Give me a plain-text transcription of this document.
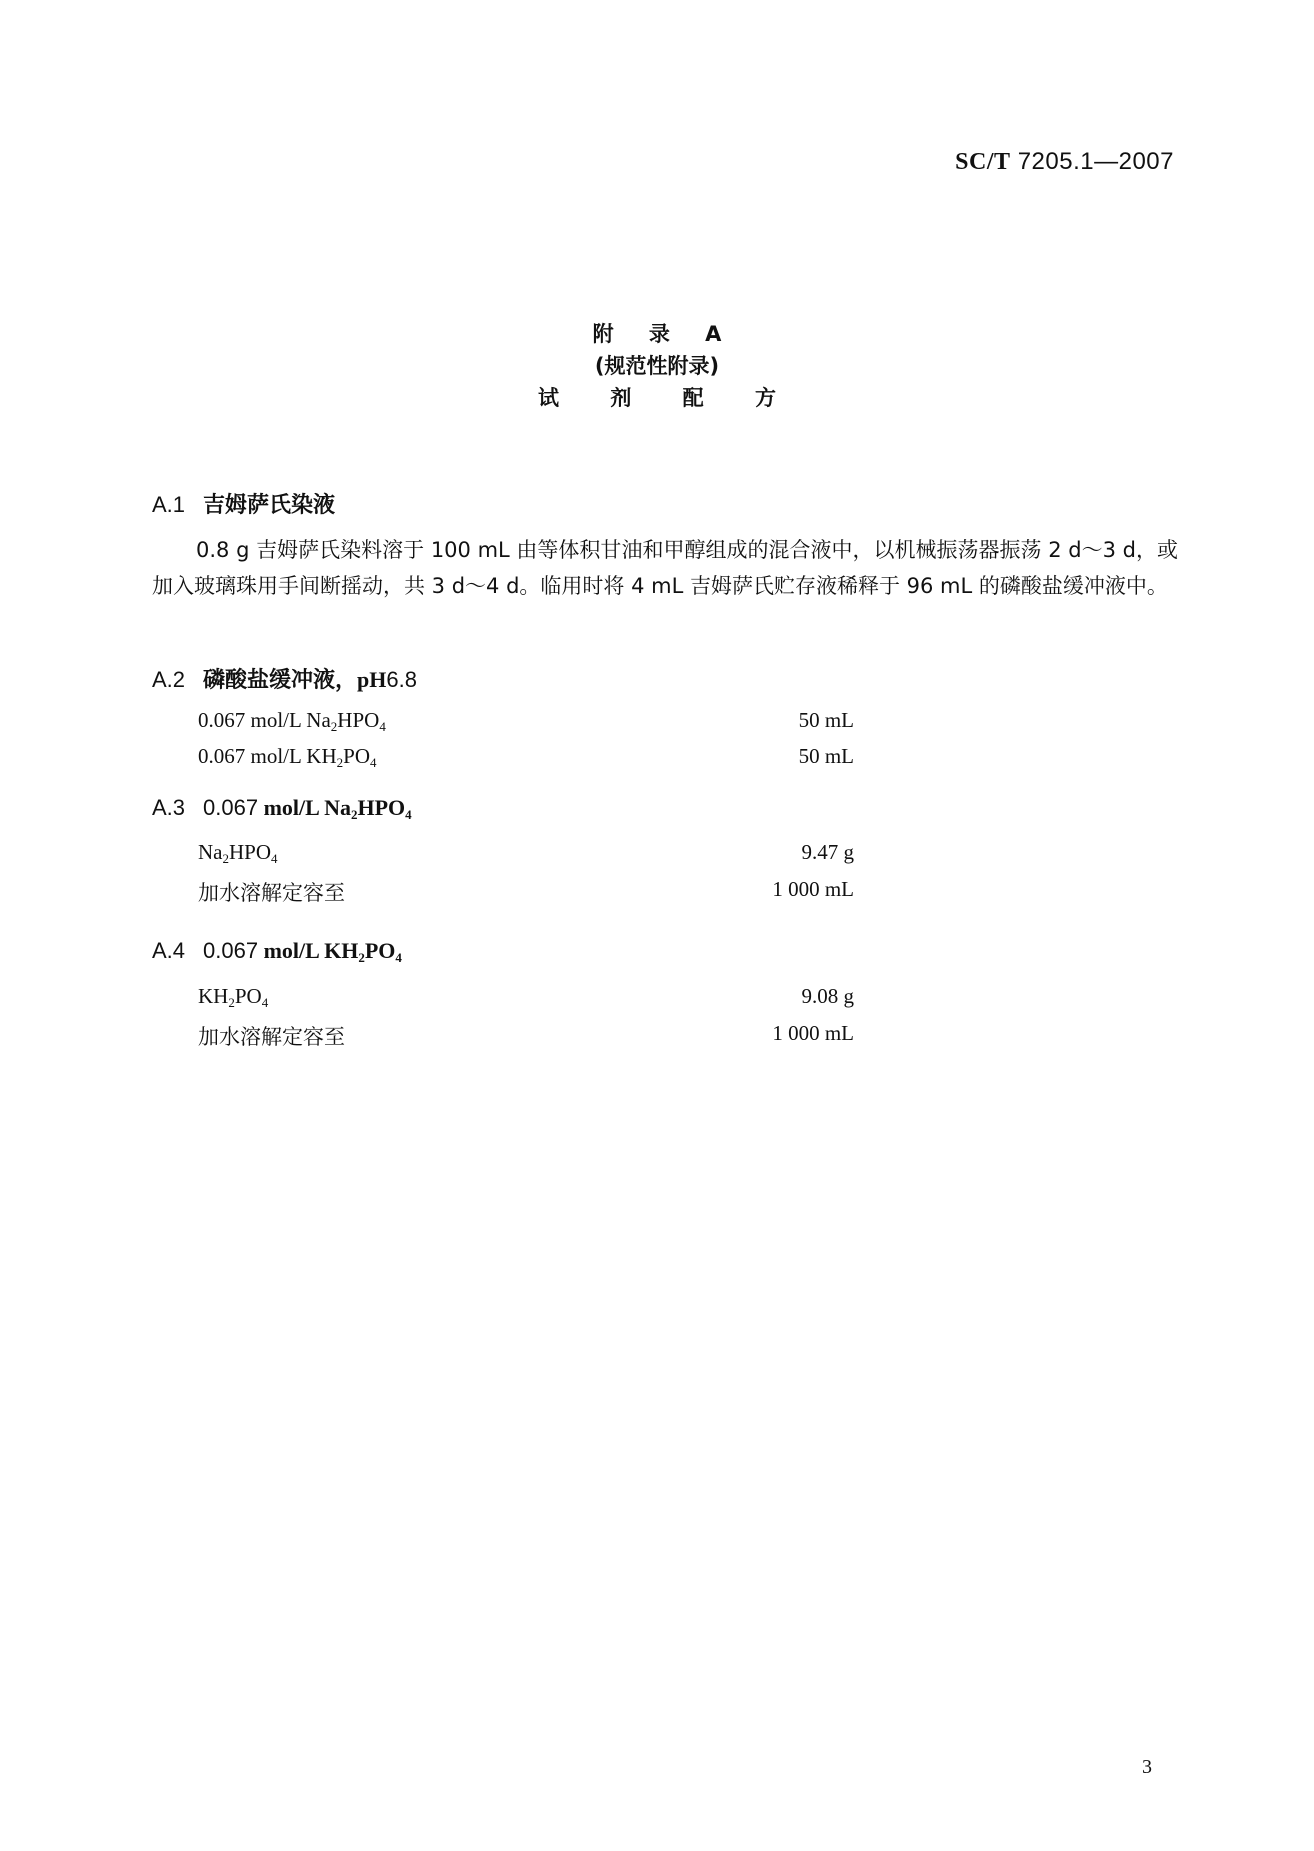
SC/T 7205.1—2007
附 录 A
(规范性附录)
试 剂 配 方
A.1 吉姆萨氏染液
0.8 g 吉姆萨氏染料溶于 100 mL 由等体积甘油和甲醇组成的混合液中，以机械振荡器振荡 2 d～3 d，或加入玻璃珠用手间断摇动，共 3 d～4 d。临用时将 4 mL 吉姆萨氏贮存液稀释于 96 mL 的磷酸盐缓冲液中。
A.2 磷酸盐缓冲液，pH6.8
0.067 mol/L $Na_2HPO_4$	50 mL
0.067 mol/L $KH_2PO_4$	50 mL
A.3 0.067 mol/L $Na_2HPO_4$
$Na_2HPO_4$	9.47 g
加水溶解定容至	1 000 mL
A.4 0.067 mol/L $KH_2PO_4$
$KH_2PO_4$	9.08 g
加水溶解定容至	1 000 mL
3
